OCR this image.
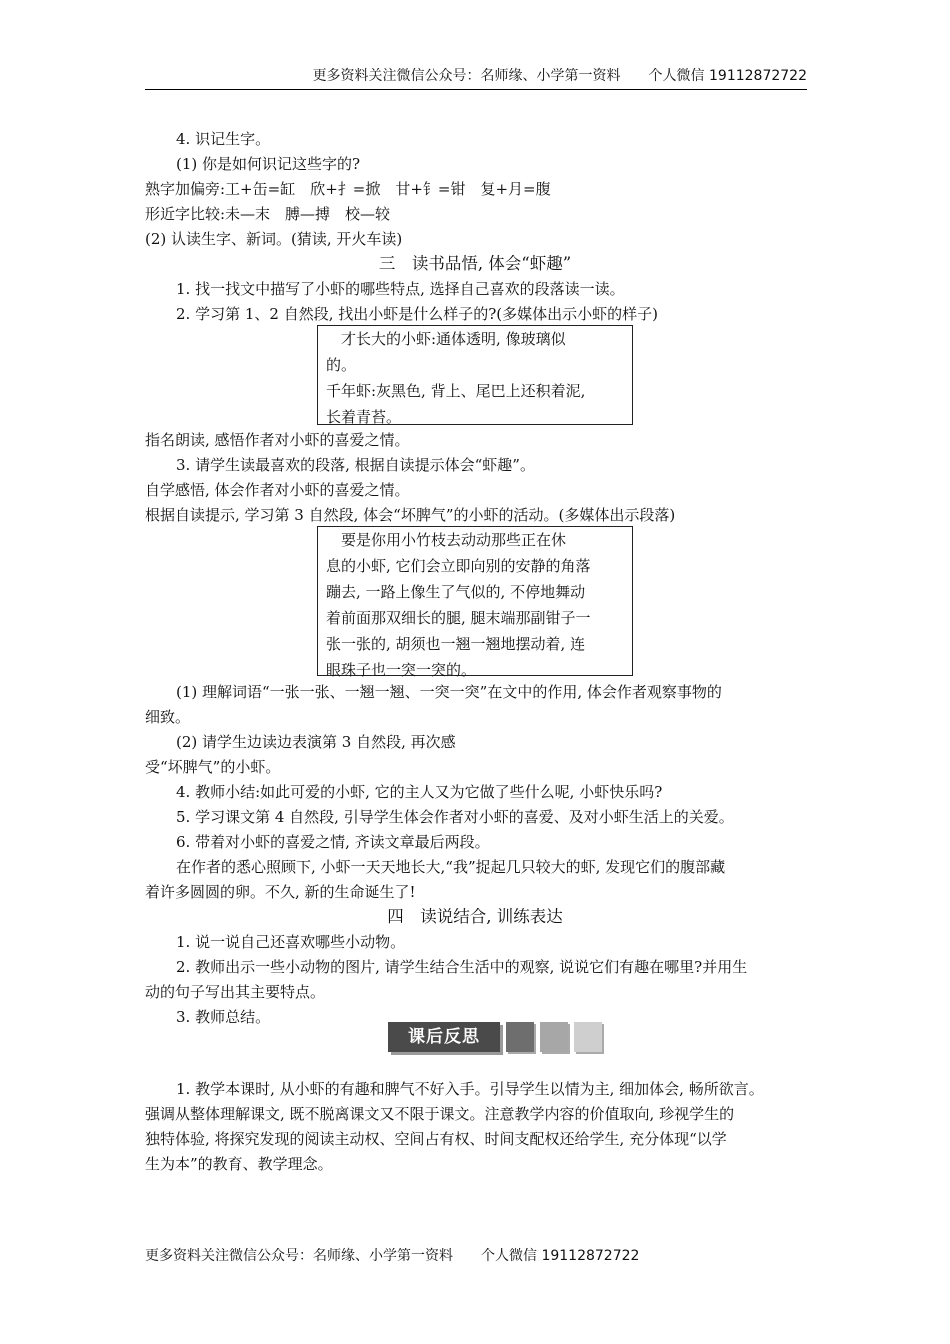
更多资料关注微信公众号：名师缘、小学第一资料　　个人微信 19112872722
4. 识记生字。
(1) 你是如何识记这些字的?
熟字加偏旁:工+缶=缸　欣+扌=掀　甘+钅=钳　复+月=腹
形近字比较:未—末　膊—搏　校—较
(2) 认读生字、新词。(猜读, 开火车读)
三　读书品悟, 体会“虾趣”
1. 找一找文中描写了小虾的哪些特点, 选择自己喜欢的段落读一读。
2. 学习第 1、2 自然段, 找出小虾是什么样子的?(多媒体出示小虾的样子)
　才长大的小虾:通体透明, 像玻璃似
的。
千年虾:灰黑色, 背上、尾巴上还积着泥,
长着青苔。
指名朗读, 感悟作者对小虾的喜爱之情。
3. 请学生读最喜欢的段落, 根据自读提示体会“虾趣”。
自学感悟, 体会作者对小虾的喜爱之情。
根据自读提示, 学习第 3 自然段, 体会“坏脾气”的小虾的活动。(多媒体出示段落)
　要是你用小竹枝去动动那些正在休
息的小虾, 它们会立即向别的安静的角落
蹦去, 一路上像生了气似的, 不停地舞动
着前面那双细长的腿, 腿末端那副钳子一
张一张的, 胡须也一翘一翘地摆动着, 连
眼珠子也一突一突的。
(1) 理解词语“一张一张、一翘一翘、一突一突”在文中的作用, 体会作者观察事物的
细致。
(2) 请学生边读边表演第 3 自然段, 再次感
受“坏脾气”的小虾。
4. 教师小结:如此可爱的小虾, 它的主人又为它做了些什么呢, 小虾快乐吗?
5. 学习课文第 4 自然段, 引导学生体会作者对小虾的喜爱、及对小虾生活上的关爱。
6. 带着对小虾的喜爱之情, 齐读文章最后两段。
在作者的悉心照顾下, 小虾一天天地长大,“我”捉起几只较大的虾, 发现它们的腹部藏
着许多圆圆的卵。不久, 新的生命诞生了!
四　读说结合, 训练表达
1. 说一说自己还喜欢哪些小动物。
2. 教师出示一些小动物的图片, 请学生结合生活中的观察, 说说它们有趣在哪里?并用生
动的句子写出其主要特点。
3. 教师总结。
课后反思
1. 教学本课时, 从小虾的有趣和脾气不好入手。引导学生以情为主, 细加体会, 畅所欲言。
强调从整体理解课文, 既不脱离课文又不限于课文。注意教学内容的价值取向, 珍视学生的
独特体验, 将探究发现的阅读主动权、空间占有权、时间支配权还给学生, 充分体现“以学
生为本”的教育、教学理念。
更多资料关注微信公众号：名师缘、小学第一资料　　个人微信 19112872722
